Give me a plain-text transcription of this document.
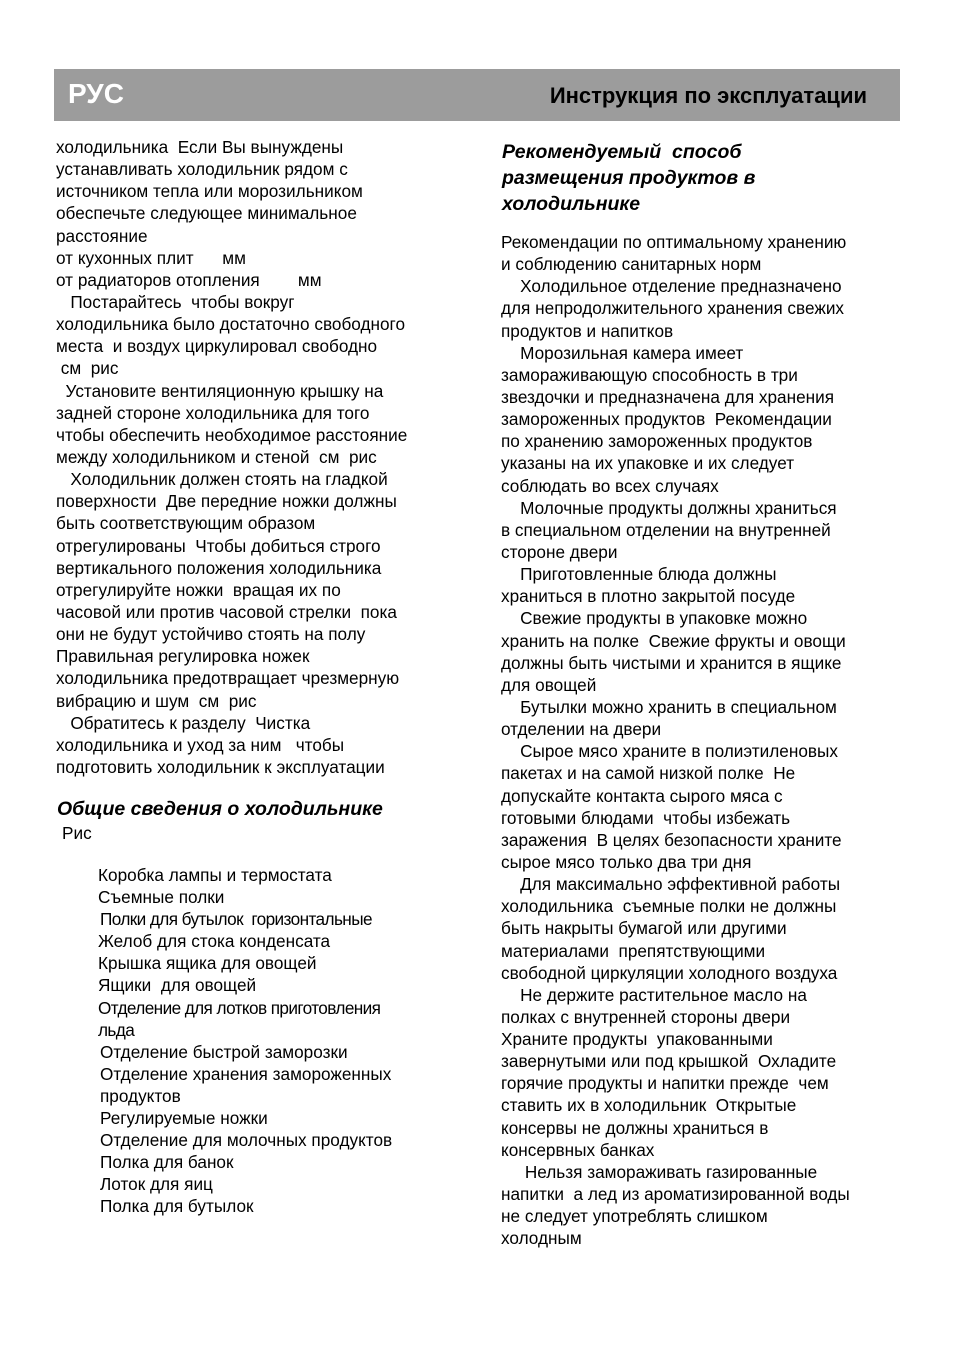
РУС	Инструкция по эксплуатации
холодильника  Если Вы вынуждены
устанавливать холодильник рядом с
источником тепла или морозильником
обеспечьте следующее минимальное
расстояние
от кухонных плит      мм
от радиаторов отопления        мм
Постарайтесь  чтобы вокруг
холодильника было достаточно свободного
места  и воздух циркулировал свободно
см  рис
Установите вентиляционную крышку на
задней стороне холодильника для того
чтобы обеспечить необходимое расстояние
между холодильником и стеной  см  рис
Холодильник должен стоять на гладкой
поверхности  Две передние ножки должны
быть соответствующим образом
отрегулированы  Чтобы добиться строго
вертикального положения холодильника
отрегулируйте ножки  вращая их по
часовой или против часовой стрелки  пока
они не будут устойчиво стоять на полу
Правильная регулировка ножек
холодильника предотвращает чрезмерную
вибрацию и шум  см  рис
Обратитесь к разделу  Чистка
холодильника и уход за ним   чтобы
подготовить холодильник к эксплуатации
Общие сведения о холодильнике
Рис
Коробка лампы и термостата
Съемные полки
Полки для бутылок  горизонтальные
Желоб для стока конденсата
Крышка ящика для овощей
Ящики  для овощей
Отделение для лотков приготовления
льда
Отделение быстрой заморозки
Отделение хранения замороженных
продуктов
Регулируемые ножки
Отделение для молочных продуктов
Полка для банок
Лоток для яиц
Полка для бутылок
Рекомендуемый  способ
размещения продуктов в
холодильнике
Рекомендации по оптимальному хранению
и соблюдению санитарных норм
Холодильное отделение предназначено
для непродолжительного хранения свежих
продуктов и напитков
Морозильная камера имеет
замораживающую способность в три
звездочки и предназначена для хранения
замороженных продуктов  Рекомендации
по хранению замороженных продуктов
указаны на их упаковке и их следует
соблюдать во всех случаях
Молочные продукты должны храниться
в специальном отделении на внутренней
стороне двери
Приготовленные блюда должны
храниться в плотно закрытой посуде
Свежие продукты в упаковке можно
хранить на полке  Свежие фрукты и овощи
должны быть чистыми и хранится в ящике
для овощей
Бутылки можно хранить в специальном
отделении на двери
Сырое мясо храните в полиэтиленовых
пакетах и на самой низкой полке  Не
допускайте контакта сырого мяса с
готовыми блюдами  чтобы избежать
заражения  В целях безопасности храните
сырое мясо только два три дня
Для максимально эффективной работы
холодильника  съемные полки не должны
быть накрыты бумагой или другими
материалами  препятствующими
свободной циркуляции холодного воздуха
Не держите растительное масло на
полках с внутренней стороны двери
Храните продукты  упакованными
завернутыми или под крышкой  Охладите
горячие продукты и напитки прежде  чем
ставить их в холодильник  Открытые
консервы не должны храниться в
консервных банках
Нельзя замораживать газированные
напитки  а лед из ароматизированной воды
не следует употреблять слишком
холодным
